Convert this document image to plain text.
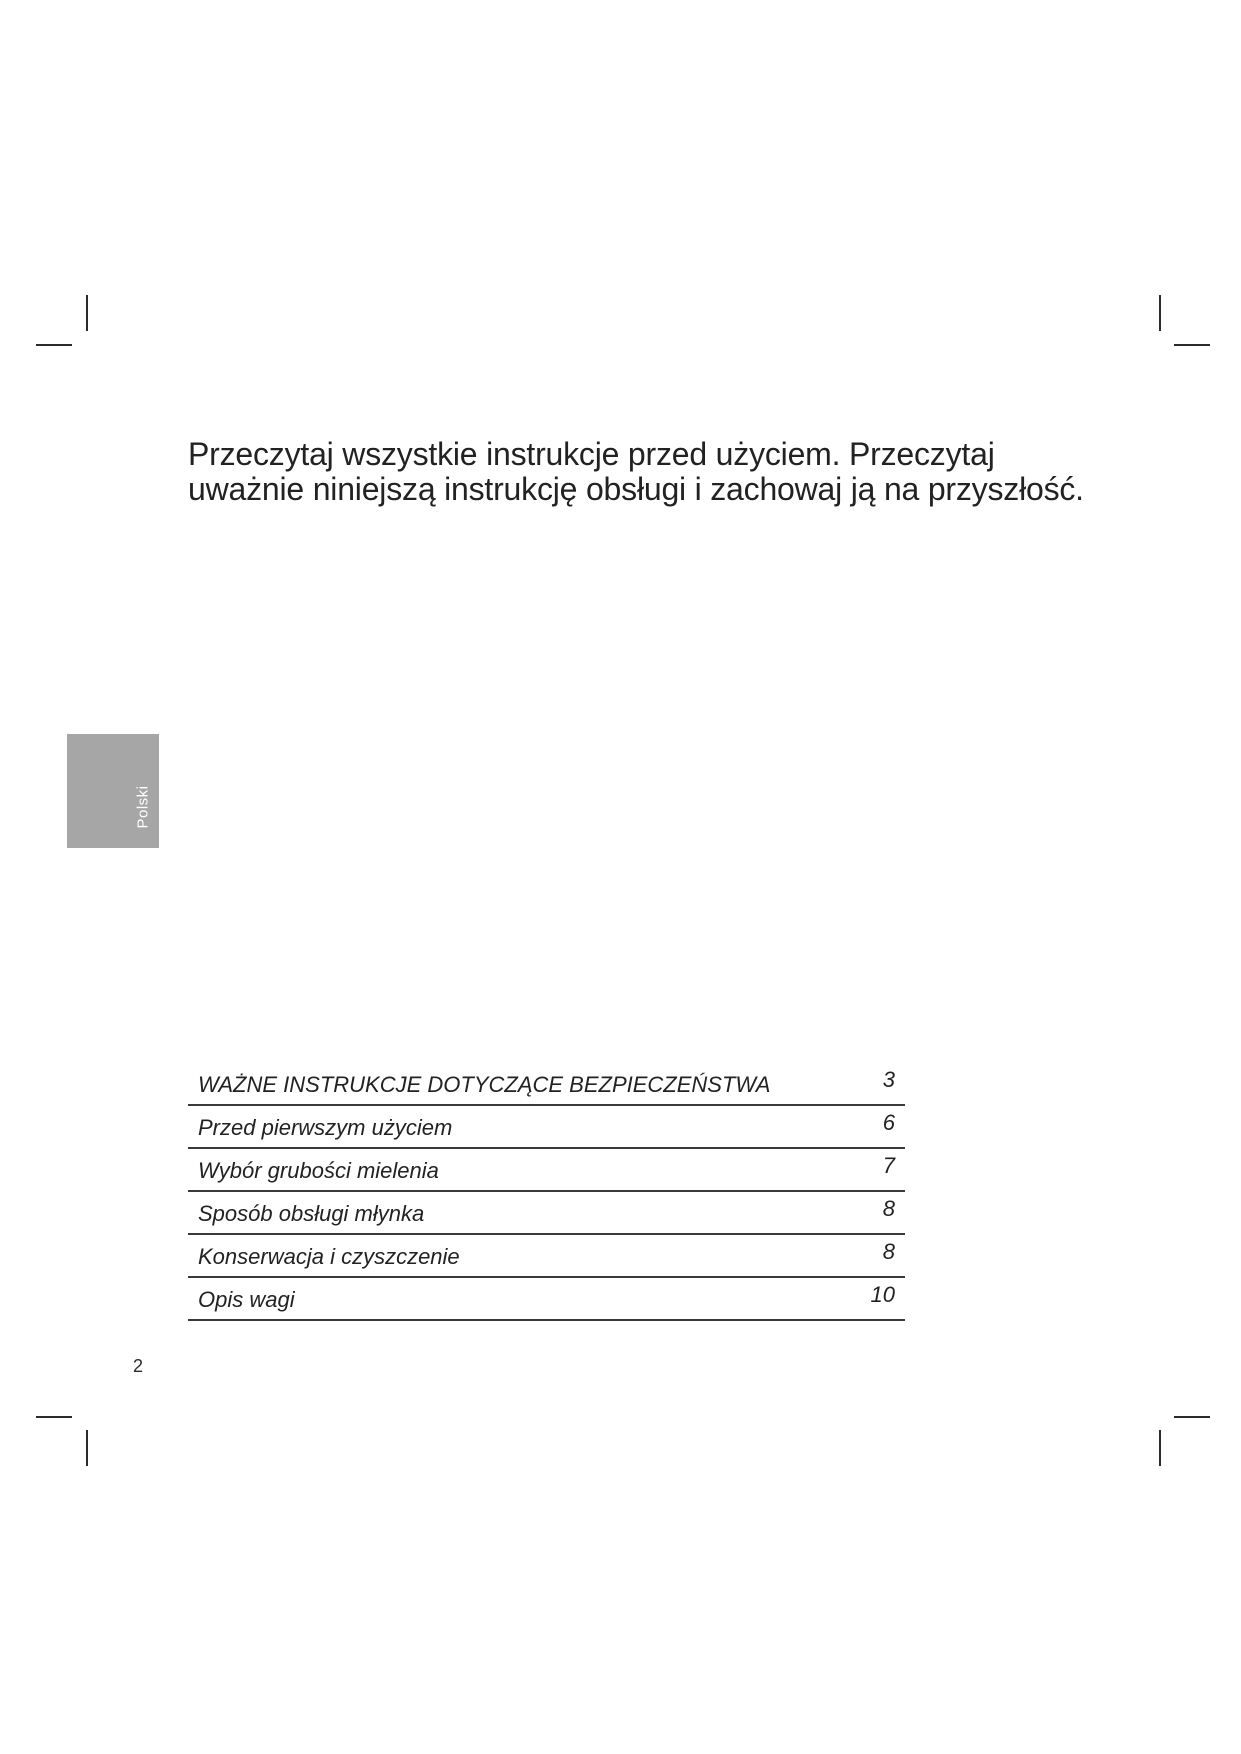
Przeczytaj wszystkie instrukcje przed użyciem. Przeczytaj uważnie niniejszą instrukcję obsługi i zachowaj ją na przyszłość.

Polski
WAŻNE INSTRUKCJE DOTYCZĄCE BEZPIECZEŃSTWA	3
Przed pierwszym użyciem	6
Wybór grubości mielenia	7
Sposób obsługi młynka	8
Konserwacja i czyszczenie	8
Opis wagi	10
2
